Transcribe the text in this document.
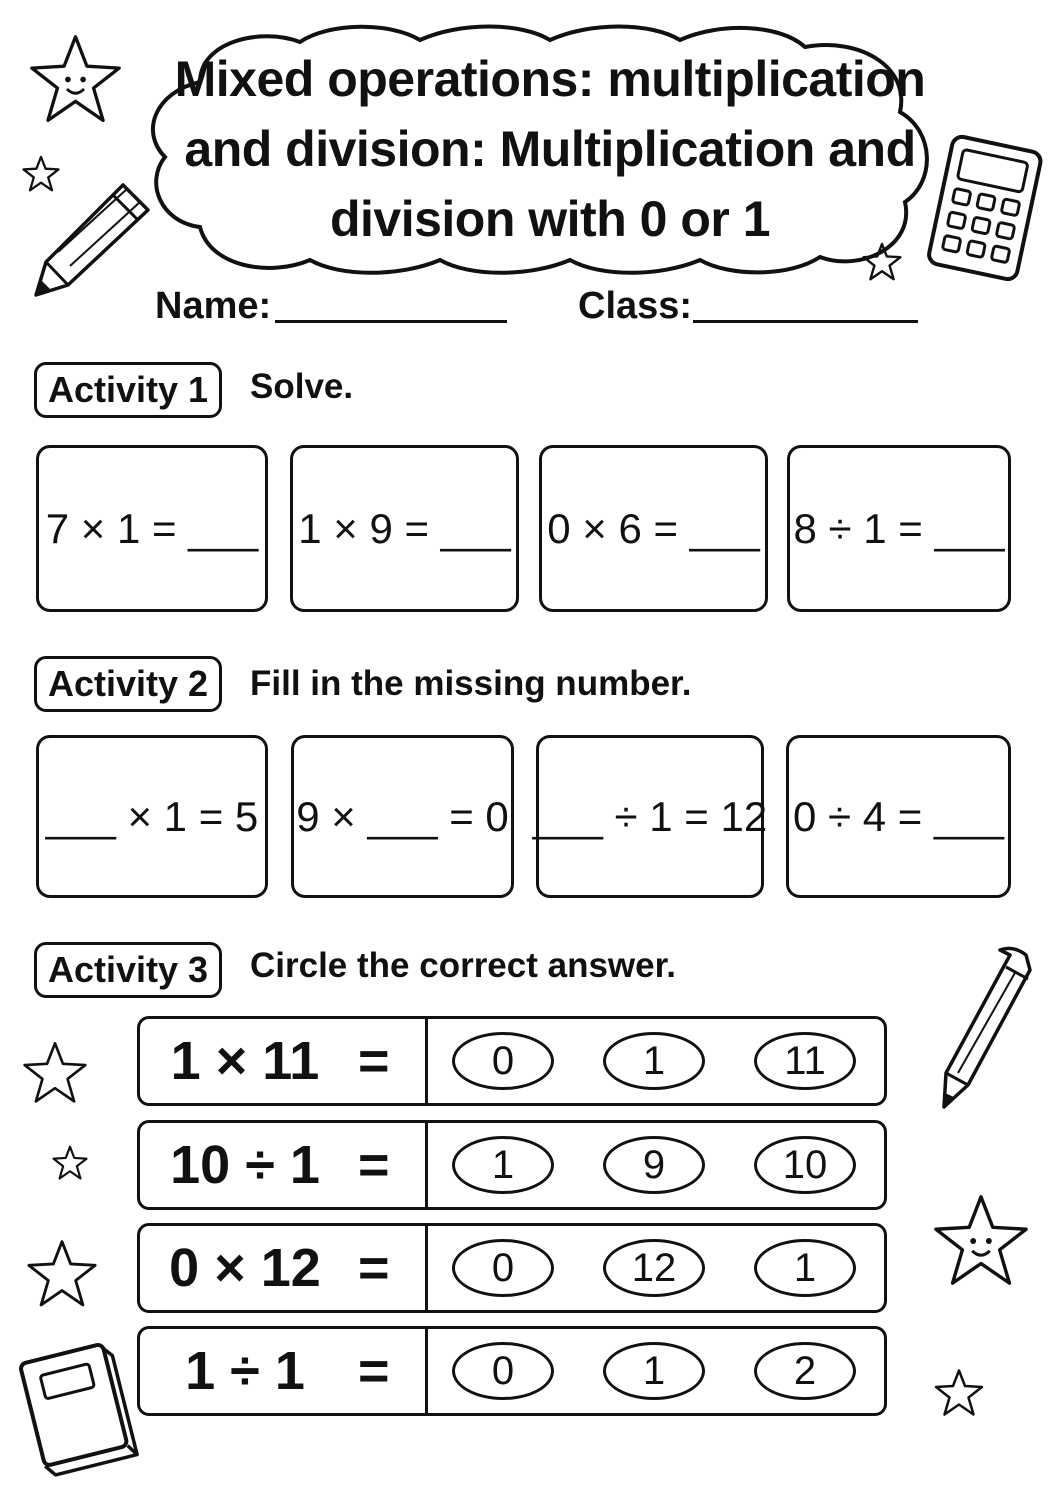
Mixed operations: multiplication
and division: Multiplication and
division with 0 or 1
Name:	Class:
Activity 1	Solve.
7 × 1 = ___ 1 × 9 = ___ 0 × 6 = ___ 8 ÷ 1 = ___
Activity 2	Fill in the missing number.
___ × 1 = 5 9 × ___ = 0 ___ ÷ 1 = 12 0 ÷ 4 = ___
Activity 3	Circle the correct answer.
1 × 11 =	0	1	11
10 ÷ 1 =	1	9	10
0 × 12 =	0	12	1
1 ÷ 1 =	0	1	2
